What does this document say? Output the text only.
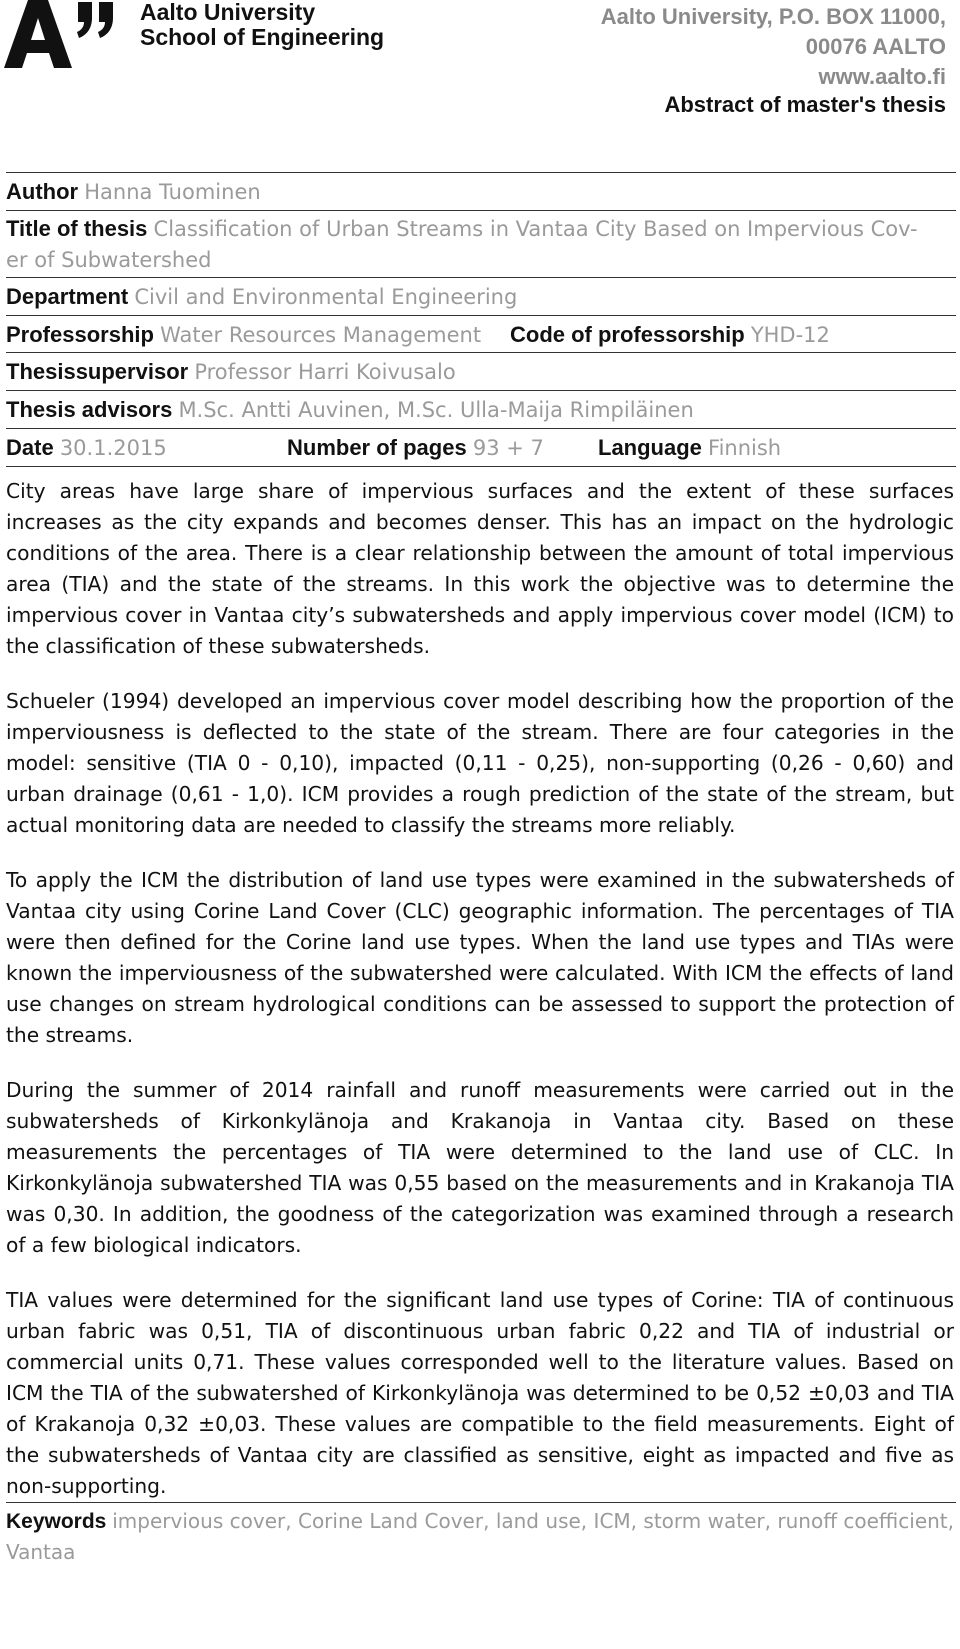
Aalto University
School of Engineering
Aalto University, P.O. BOX 11000,
00076 AALTO
www.aalto.fi
Abstract of master's thesis
Author Hanna Tuominen
Title of thesis Classification of Urban Streams in Vantaa City Based on Impervious Cov-
er of Subwatershed
Department Civil and Environmental Engineering
Professorship Water Resources Management Code of professorship YHD-12
Thesissupervisor Professor Harri Koivusalo
Thesis advisors M.Sc. Antti Auvinen, M.Sc. Ulla-Maija Rimpiläinen
Date 30.1.2015	Number of pages 93 + 7 Language Finnish

City areas have large share of impervious surfaces and the extent of these surfaces increases as the city expands and becomes denser. This has an impact on the hydrologic conditions of the area. There is a clear relationship between the amount of total impervious area (TIA) and the state of the streams. In this work the objective was to determine the impervious cover in Vantaa city’s subwatersheds and apply impervious cover model (ICM) to the classification of these subwatersheds.

Schueler (1994) developed an impervious cover model describing how the proportion of the imperviousness is deflected to the state of the stream. There are four categories in the model: sensitive (TIA 0 - 0,10), impacted (0,11 - 0,25), non-supporting (0,26 - 0,60) and urban drainage (0,61 - 1,0). ICM provides a rough prediction of the state of the stream, but actual monitoring data are needed to classify the streams more reliably.

To apply the ICM the distribution of land use types were examined in the subwatersheds of Vantaa city using Corine Land Cover (CLC) geographic information. The percentages of TIA were then defined for the Corine land use types. When the land use types and TIAs were known the imperviousness of the subwatershed were calculated. With ICM the effects of land use changes on stream hydrological conditions can be assessed to support the protection of the streams.

During the summer of 2014 rainfall and runoff measurements were carried out in the subwatersheds of Kirkonkylänoja and Krakanoja in Vantaa city. Based on these measurements the percentages of TIA were determined to the land use of CLC. In Kirkonkylänoja subwatershed TIA was 0,55 based on the measurements and in Krakanoja TIA was 0,30. In addition, the goodness of the categorization was examined through a research of a few biological indicators.

TIA values were determined for the significant land use types of Corine: TIA of continuous urban fabric was 0,51, TIA of discontinuous urban fabric 0,22 and TIA of industrial or commercial units 0,71. These values corresponded well to the literature values. Based on ICM the TIA of the subwatershed of Kirkonkylänoja was determined to be 0,52 ±0,03 and TIA of Krakanoja 0,32 ±0,03. These values are compatible to the field measurements. Eight of the subwatersheds of Vantaa city are classified as sensitive, eight as impacted and five as non-supporting.

Keywords impervious cover, Corine Land Cover, land use, ICM, storm water, runoff coefficient, Vantaa
